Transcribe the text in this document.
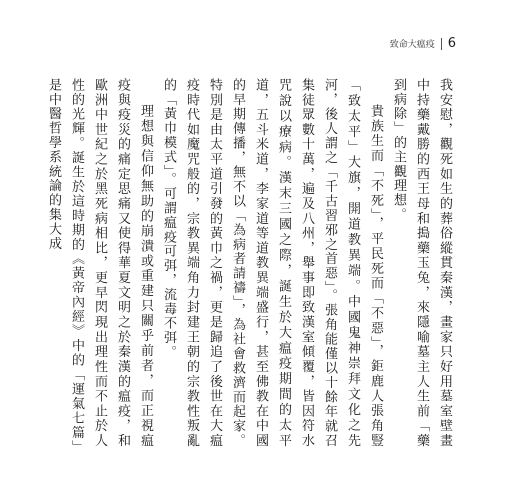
致命大瘟疫 6

我安慰，觀死如生的葬俗縱貫秦漢，畫家只好用墓室壁畫中持藥戴勝的西王母和搗藥玉兔，來隱喻墓主人生前「藥到病除」的主觀理想。

貴族生而「不死」，平民死而「不惡」，鉅鹿人張角豎「致太平」大旗，開道教異端。中國鬼神崇拜文化之先河，後人謂之「千古習邪之首惡」。張角能僅以十餘年就召集徒眾數十萬，遍及八州，舉事即致漢室傾覆，皆因符水咒說以療病。漢末三國之際，誕生於大瘟疫期間的太平道，五斗米道，李家道等道教異端盛行，甚至佛教在中國的早期傳播，無不以「為病者請禱」，為社會救濟而起家。特別是由太平道引發的黃巾之禍，更是歸追了後世在大瘟疫時代如魔咒般的，宗教異端角力封建王朝的宗教性叛亂的「黃巾模式」。可謂瘟疫可弭，流毒不弭。

理想與信仰無助的崩潰或重建只關乎前者，而正視瘟疫與疫災的痛定思痛又使得華夏文明之於秦漢的瘟疫，和歐洲中世紀之於黑死病相比，更早閃現出理性而不止於人性的光輝。誕生於這時期的《黃帝內經》中的「運氣七篇」是中醫哲學系統論的集大成
